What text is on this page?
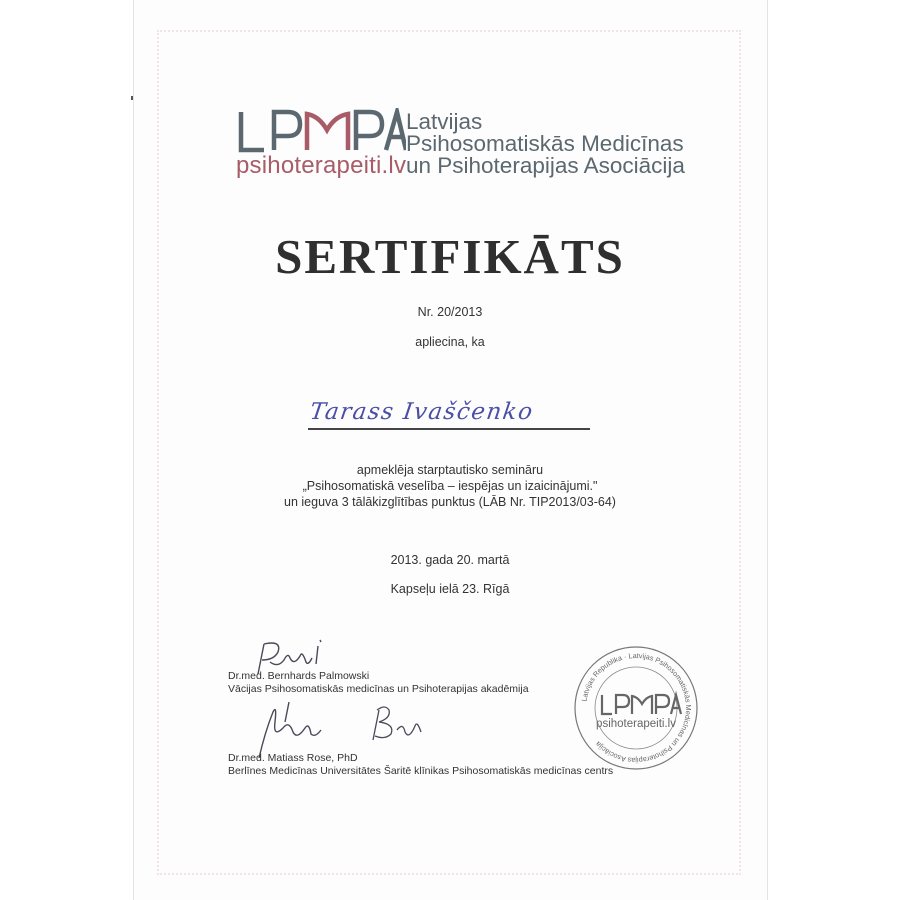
psihoterapeiti.lv
Latvijas
Psihosomatiskās Medicīnas
un Psihoterapijas Asociācija
SERTIFIKĀTS
Nr. 20/2013
apliecina, ka
Tarass Ivaščenko
apmeklēja starptautisko semināru
„Psihosomatiskā veselība – iespējas un izaicinājumi."
un ieguva 3 tālākizglītības punktus (LĀB Nr. TIP2013/03-64)
2013. gada 20. martā
Kapseļu ielā 23. Rīgā
Dr.med. Bernhards Palmowski
Vācijas Psihosomatiskās medicīnas un Psihoterapijas akadēmija
Dr.med. Matiass Rose, PhD
Berlīnes Medicīnas Universitātes Šaritē klīnikas Psihosomatiskās medicīnas centrs
Latvijas Republika · Latvijas Psihosomatiskās Medicīnas un Psihoterapijas Asociācija
psihoterapeiti.lv
